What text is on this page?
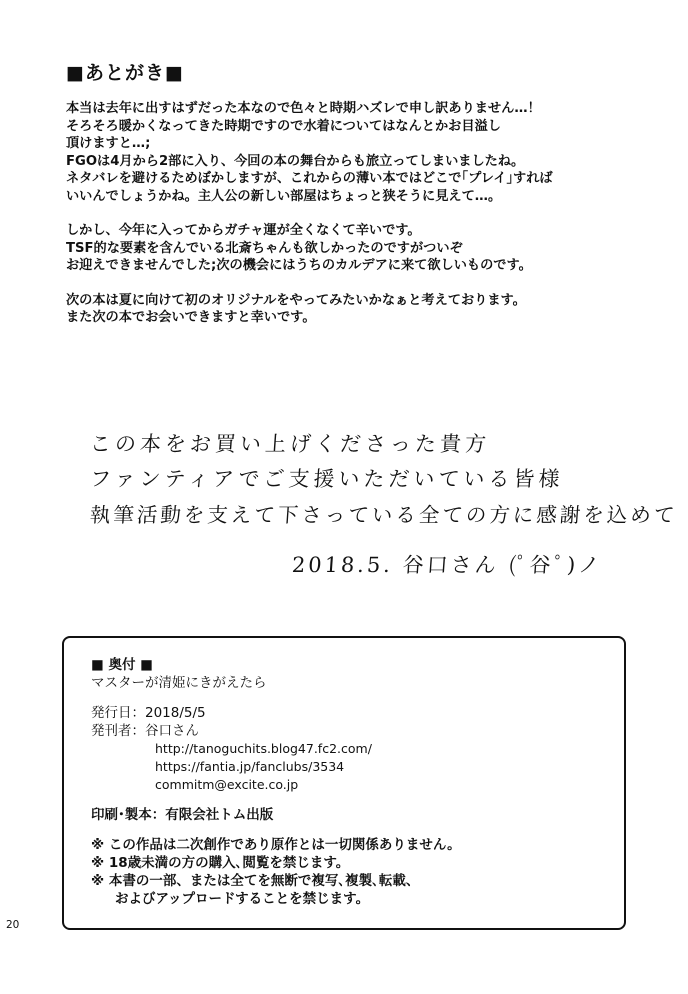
■あとがき■
本当は去年に出すはずだった本なので色々と時期ハズレで申し訳ありません…！
そろそろ暖かくなってきた時期ですので水着についてはなんとかお目溢し
頂けますと…;
FGOは4月から2部に入り、今回の本の舞台からも旅立ってしまいましたね。
ネタバレを避けるためぼかしますが、これからの薄い本ではどこで｢プレイ｣すれば
いいんでしょうかね。主人公の新しい部屋はちょっと狭そうに見えて…。
しかし、今年に入ってからガチャ運が全くなくて辛いです。
TSF的な要素を含んでいる北斎ちゃんも欲しかったのですがついぞ
お迎えできませんでした;次の機会にはうちのカルデアに来て欲しいものです。
次の本は夏に向けて初のオリジナルをやってみたいかなぁと考えております。
また次の本でお会いできますと幸いです。
この本をお買い上げくださった貴方
ファンティアでご支援いただいている皆様
執筆活動を支えて下さっている全ての方に感謝を込めて
2018.5. 谷口さん (ﾟ谷ﾟ)ノ
■ 奥付 ■
マスターが清姫にきがえたら
発行日：2018/5/5
発刊者：谷口さん
http://tanoguchits.blog47.fc2.com/
https://fantia.jp/fanclubs/3534
commitm@excite.co.jp
印刷･製本：有限会社トム出版
※ この作品は二次創作であり原作とは一切関係ありません。
※ 18歳未満の方の購入､閲覧を禁じます。
※ 本書の一部、または全てを無断で複写､複製､転載、
およびアップロードすることを禁じます。
20
